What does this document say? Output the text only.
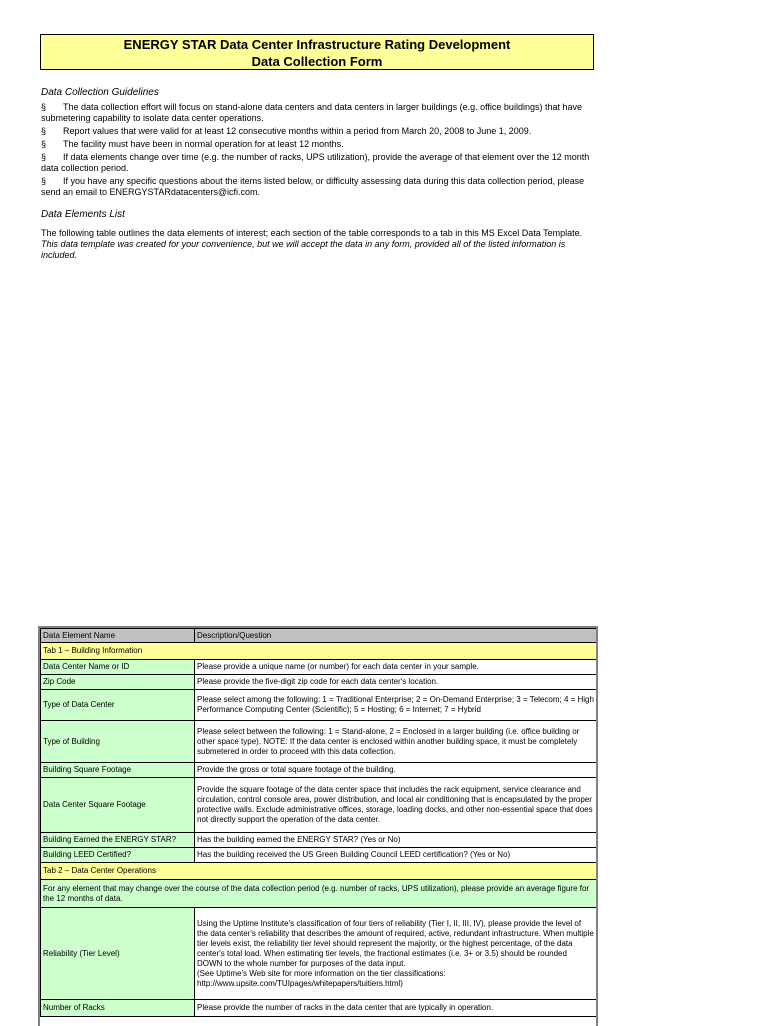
ENERGY STAR Data Center Infrastructure Rating Development
Data Collection Form
Data Collection Guidelines

§ The data collection effort will focus on stand-alone data centers and data centers in larger buildings (e.g. office buildings) that have submetering capability to isolate data center operations.

§ Report values that were valid for at least 12 consecutive months within a period from March 20, 2008 to June 1, 2009.

§ The facility must have been in normal operation for at least 12 months.

§ If data elements change over time (e.g. the number of racks, UPS utilization), provide the average of that element over the 12 month data collection period.

§ If you have any specific questions about the items listed below, or difficulty assessing data during this data collection period, please send an email to ENERGYSTARdatacenters@icfi.com.

Data Elements List
The following table outlines the data elements of interest; each section of the table corresponds to a tab in this MS Excel Data Template. This data template was created for your convenience, but we will accept the data in any form, provided all of the listed information is included.
Data Element Name	Description/Question
Tab 1 – Building Information	
Data Center Name or ID	Please provide a unique name (or number) for each data center in your sample.
Zip Code	Please provide the five-digit zip code for each data center's location.
Type of Data Center	Please select among the following: 1 = Traditional Enterprise; 2 = On-Demand Enterprise; 3 = Telecom; 4 = High Performance Computing Center (Scientific); 5 = Hosting; 6 = Internet; 7 = Hybrid
Type of Building	Please select between the following: 1 = Stand-alone, 2 = Enclosed in a larger building (i.e. office building or other space type). NOTE: If the data center is enclosed within another building space, it must be completely submetered in order to proceed with this data collection.
Building Square Footage	Provide the gross or total square footage of the building.
Data Center Square Footage	Provide the square footage of the data center space that includes the rack equipment, service clearance and circulation, control console area, power distribution, and local air conditioning that is encapsulated by the proper protective walls. Exclude administrative offices, storage, loading docks, and other non-essential space that does not directly support the operation of the data center.
Building Earned the ENERGY STAR?	Has the building earned the ENERGY STAR? (Yes or No)
Building LEED Certified?	Has the building received the US Green Building Council LEED certification? (Yes or No)
Tab 2 – Data Center Operations	
For any element that may change over the course of the data collection period (e.g. number of racks, UPS utilization), please provide an average figure for the 12 months of data.	
Reliability (Tier Level)	Using the Uptime Institute's classification of four tiers of reliability (Tier I, II, III, IV), please provide the level of the data center's reliability that describes the amount of required, active, redundant infrastructure. When multiple tier levels exist, the reliability tier level should represent the majority, or the highest percentage, of the data center's total load. When estimating tier levels, the fractional estimates (i.e. 3+ or 3.5) should be rounded DOWN to the whole number for purposes of the data input.
(See Uptime's Web site for more information on the tier classifications:
http://www.upsite.com/TUIpages/whitepapers/tuitiers.html)
Number of Racks	Please provide the number of racks in the data center that are typically in operation.
